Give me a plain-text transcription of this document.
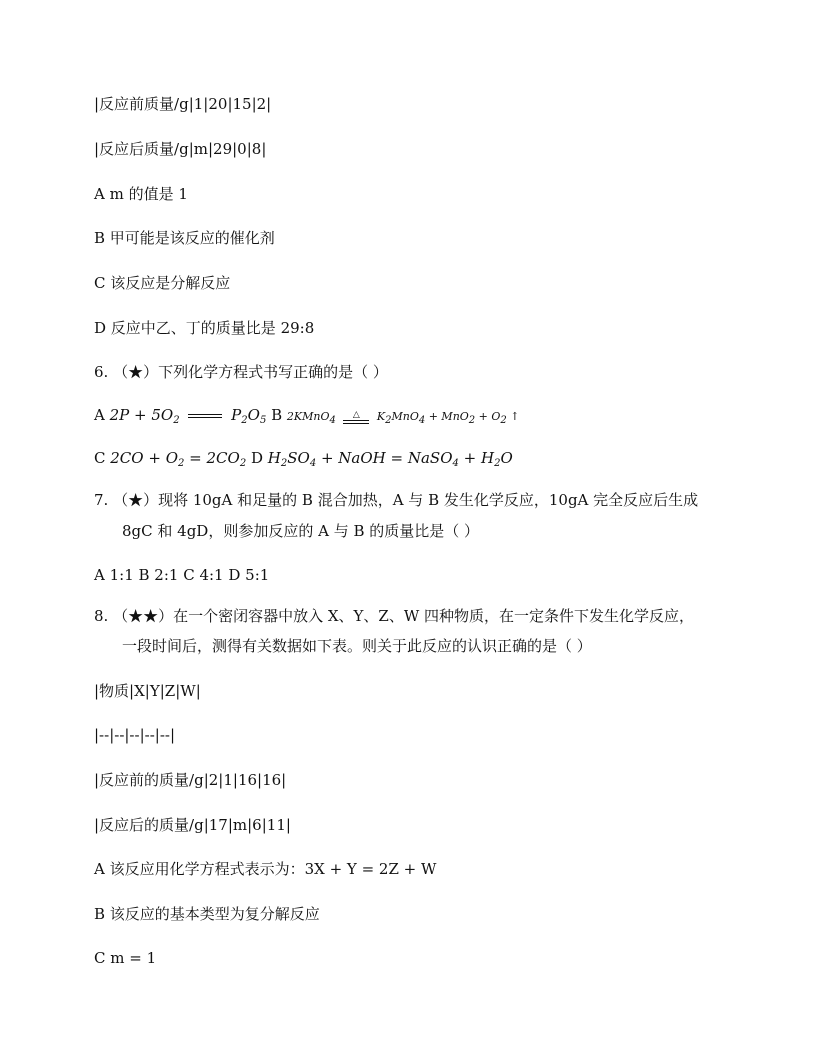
|反应前质量/g|1|20|15|2|
|反应后质量/g|m|29|0|8|
A m 的值是 1
B 甲可能是该反应的催化剂
C 该反应是分解反应
D 反应中乙、丁的质量比是 29:8
6. （★）下列化学方程式书写正确的是（ ）
A $2P + 5O_2$	$P_2O_5$ B 2KMnO$_4$
△	$K_2MnO_4 + MnO_2 + O_2$ ↑
C $2CO + O_2 = 2CO_2$ D $H_2SO_4$ + NaOH = NaSO$_4$ + $H_2O$
7. （★）现将 10gA 和足量的 B 混合加热，A 与 B 发生化学反应，10gA 完全反应后生成
8gC 和 4gD，则参加反应的 A 与 B 的质量比是（ ）
A 1:1 B 2:1 C 4:1 D 5:1
8. （★★）在一个密闭容器中放入 X、Y、Z、W 四种物质，在一定条件下发生化学反应，
一段时间后，测得有关数据如下表。则关于此反应的认识正确的是（ ）
|物质|X|Y|Z|W|
|--|--|--|--|--|
|反应前的质量/g|2|1|16|16|
|反应后的质量/g|17|m|6|11|
A 该反应用化学方程式表示为：3X + Y = 2Z + W
B 该反应的基本类型为复分解反应
C m = 1
